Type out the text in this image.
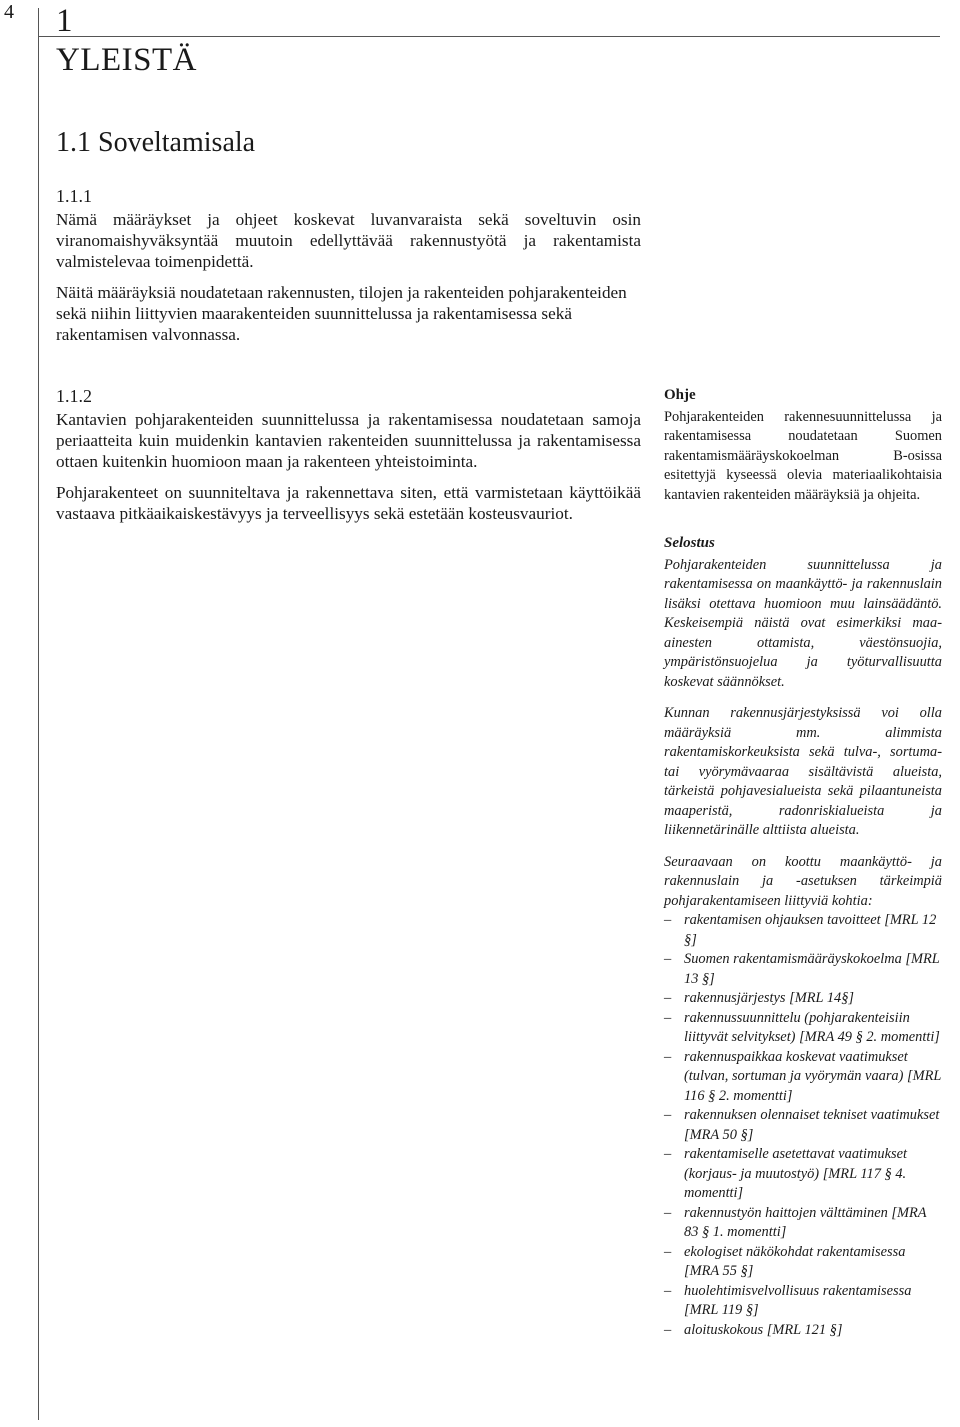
4 1
YLEISTÄ
1.1 Soveltamisala
1.1.1

Nämä määräykset ja ohjeet koskevat luvanvaraista sekä soveltuvin osin viranomaishyväksyntää muutoin edellyttävää rakennustyötä ja rakentamista valmistelevaa toimenpidettä.

Näitä määräyksiä noudatetaan rakennusten, tilojen ja rakenteiden pohjarakenteiden sekä niihin liittyvien maarakenteiden suunnittelussa ja rakentamisessa sekä rakentamisen valvonnassa.

1.1.2

Kantavien pohjarakenteiden suunnittelussa ja rakentamisessa noudatetaan samoja periaatteita kuin muidenkin kantavien rakenteiden suunnittelussa ja rakentamisessa ottaen kuitenkin huomioon maan ja rakenteen yhteistoiminta.

Pohjarakenteet on suunniteltava ja rakennettava siten, että varmistetaan käyttöikää vastaava pitkäaikaiskestävyys ja terveellisyys sekä estetään kosteusvauriot.

Ohje

Pohjarakenteiden rakennesuunnittelussa ja rakentamisessa noudatetaan Suomen rakentamismääräyskokoelman B-osissa esitettyjä kyseessä olevia materiaalikohtaisia kantavien rakenteiden määräyksiä ja ohjeita.

Selostus

Pohjarakenteiden suunnittelussa ja rakentamisessa on maankäyttö- ja rakennuslain lisäksi otettava huomioon muu lainsäädäntö. Keskeisempiä näistä ovat esimerkiksi maa-ainesten ottamista, väestönsuojia, ympäristönsuojelua ja työturvallisuutta koskevat säännökset.

Kunnan rakennusjärjestyksissä voi olla määräyksiä mm. alimmista rakentamiskorkeuksista sekä tulva-, sortuma- tai vyörymävaaraa sisältävistä alueista, tärkeistä pohjavesialueista sekä pilaantuneista maaperistä, radonriskialueista ja liikennetärinälle alttiista alueista.

Seuraavaan on koottu maankäyttö- ja rakennuslain ja -asetuksen tärkeimpiä pohjarakentamiseen liittyviä kohtia:

– rakentamisen ohjauksen tavoitteet [MRL 12 §]
– Suomen rakentamismääräyskokoelma [MRL 13 §]
– rakennusjärjestys [MRL 14§]
– rakennussuunnittelu (pohjarakenteisiin liittyvät selvitykset) [MRA 49 § 2. momentti]
– rakennuspaikkaa koskevat vaatimukset (tulvan, sortuman ja vyörymän vaara) [MRL 116 § 2. momentti]
– rakennuksen olennaiset tekniset vaatimukset [MRA 50 §]
– rakentamiselle asetettavat vaatimukset (korjaus- ja muutostyö) [MRL 117 § 4. momentti]
– rakennustyön haittojen välttäminen [MRA 83 § 1. momentti]
– ekologiset näkökohdat rakentamisessa [MRA 55 §]
– huolehtimisvelvollisuus rakentamisessa [MRL 119 §]
– aloituskokous [MRL 121 §]
